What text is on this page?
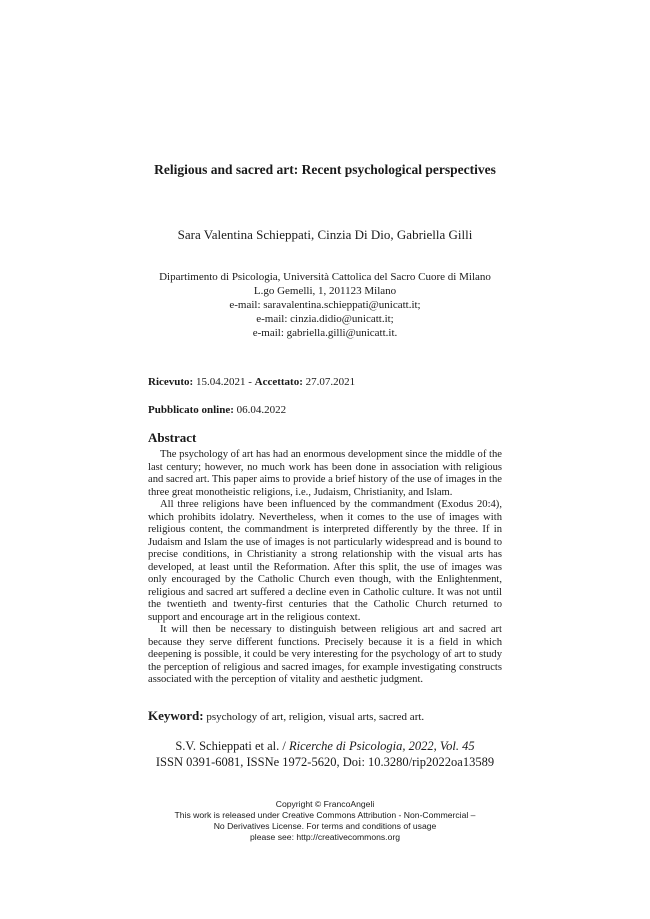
Religious and sacred art: Recent psychological perspectives
Sara Valentina Schieppati, Cinzia Di Dio, Gabriella Gilli
Dipartimento di Psicologia, Università Cattolica del Sacro Cuore di Milano
L.go Gemelli, 1, 201123 Milano
e-mail: saravalentina.schieppati@unicatt.it;
e-mail: cinzia.didio@unicatt.it;
e-mail: gabriella.gilli@unicatt.it.
Ricevuto: 15.04.2021 - Accettato: 27.07.2021
Pubblicato online: 06.04.2022
Abstract

The psychology of art has had an enormous development since the middle of the last century; however, no much work has been done in association with religious and sacred art. This paper aims to provide a brief history of the use of images in the three great monotheistic religions, i.e., Judaism, Christianity, and Islam.

All three religions have been influenced by the commandment (Exodus 20:4), which prohibits idolatry. Nevertheless, when it comes to the use of images with religious content, the commandment is interpreted differently by the three. If in Judaism and Islam the use of images is not particularly widespread and is bound to precise conditions, in Christianity a strong relationship with the visual arts has developed, at least until the Reformation. After this split, the use of images was only encouraged by the Catholic Church even though, with the Enlightenment, religious and sacred art suffered a decline even in Catholic culture. It was not until the twentieth and twenty-first centuries that the Catholic Church returned to support and encourage art in the religious context.

It will then be necessary to distinguish between religious art and sacred art because they serve different functions. Precisely because it is a field in which deepening is possible, it could be very interesting for the psychology of art to study the perception of religious and sacred images, for example investigating constructs associated with the perception of vitality and aesthetic judgment.

Keyword: psychology of art, religion, visual arts, sacred art.
S.V. Schieppati et al. / Ricerche di Psicologia, 2022, Vol. 45
ISSN 0391-6081, ISSNe 1972-5620, Doi: 10.3280/rip2022oa13589
Copyright © FrancoAngeli
This work is released under Creative Commons Attribution - Non-Commercial –
No Derivatives License. For terms and conditions of usage
please see: http://creativecommons.org
